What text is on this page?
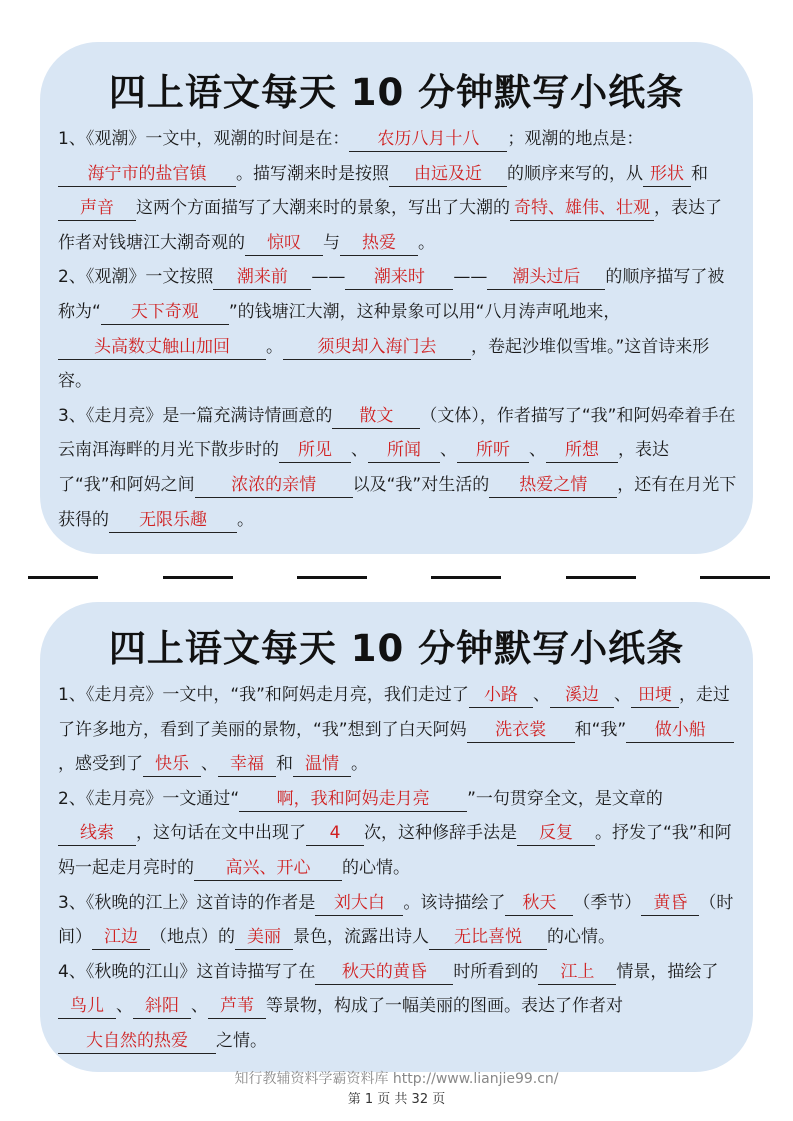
四上语文每天 10 分钟默写小纸条

1、《观潮》一文中，观潮的时间是在： 农历八月十八 ；观潮的地点是：海宁市的盐官镇 。描写潮来时是按照 由远及近 的顺序来写的，从 形状 和声音 这两个方面描写了大潮来时的景象，写出了大潮的 奇特、雄伟、壮观 ，表达了作者对钱塘江大潮奇观的 惊叹 与 热爱 。

2、《观潮》一文按照 潮来前 —— 潮来时 —— 潮头过后 的顺序描写了被称为“ 天下奇观 ”的钱塘江大潮，这种景象可以用“八月涛声吼地来，头高数丈触山加回 。 须臾却入海门去 ，卷起沙堆似雪堆。”这首诗来形容。

3、《走月亮》是一篇充满诗情画意的 散文 （文体），作者描写了“我”和阿妈牵着手在云南洱海畔的月光下散步时的 所见 、 所闻 、 所听 、 所想 ，表达了“我”和阿妈之间 浓浓的亲情 以及“我”对生活的 热爱之情 ，还有在月光下获得的 无限乐趣 。

四上语文每天 10 分钟默写小纸条

1、《走月亮》一文中，“我”和阿妈走月亮，我们走过了 小路 、 溪边 、 田埂 ，走过了许多地方，看到了美丽的景物，“我”想到了白天阿妈 洗衣裳 和“我” 做小船，感受到了 快乐 、 幸福 和 温情 。

2、《走月亮》一文通过“ 啊，我和阿妈走月亮 ”一句贯穿全文，是文章的线索 ，这句话在文中出现了 4 次，这种修辞手法是 反复 。抒发了“我”和阿妈一起走月亮时的 高兴、开心 的心情。

3、《秋晚的江上》这首诗的作者是 刘大白 。该诗描绘了 秋天 （季节） 黄昏 （时间） 江边 （地点）的 美丽 景色，流露出诗人 无比喜悦 的心情。

4、《秋晚的江山》这首诗描写了在 秋天的黄昏 时所看到的 江上 情景，描绘了鸟儿 、 斜阳 、 芦苇 等景物，构成了一幅美丽的图画。表达了作者对大自然的热爱 之情。

知行教辅资料学霸资料库 http://www.lianjie99.cn/
第 1 页 共 32 页
